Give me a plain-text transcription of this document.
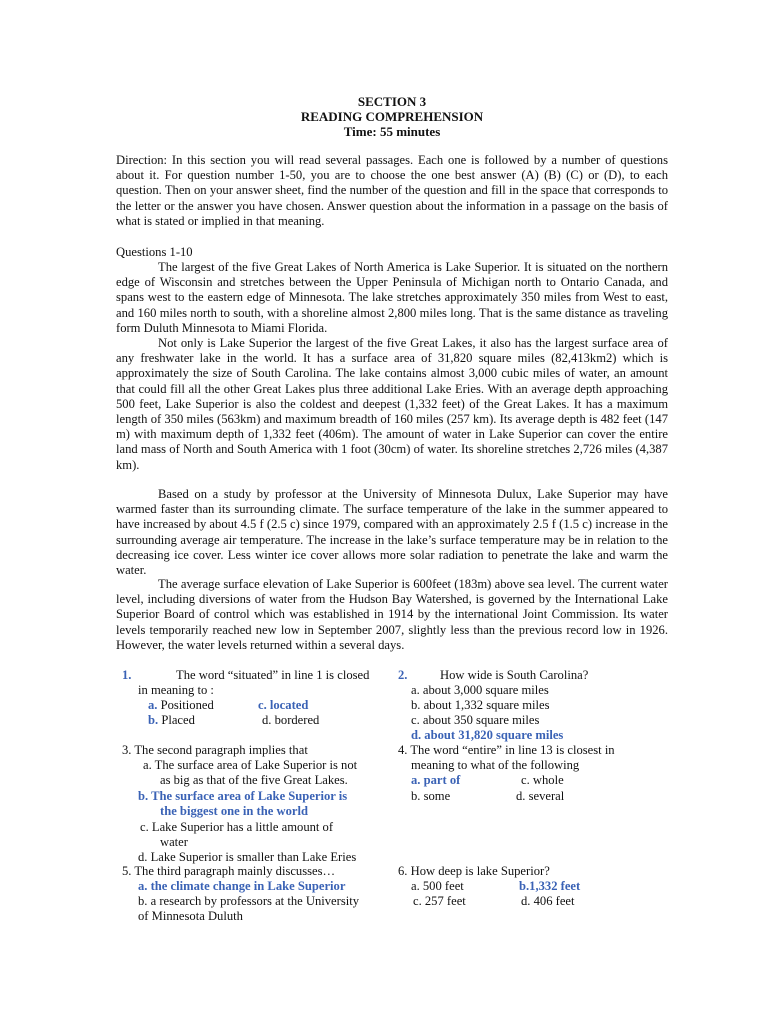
SECTION 3
READING COMPREHENSION
Time: 55 minutes
Direction: In this section you will read several passages. Each one is followed by a number of questions about it. For question number 1-50, you are to choose the one best answer (A) (B) (C) or (D), to each question. Then on your answer sheet, find the number of the question and fill in the space that corresponds to the letter or the answer you have chosen. Answer question about the information in a passage on the basis of what is stated or implied in that meaning.
Questions 1-10
The largest of the five Great Lakes of North America is Lake Superior. It is situated on the northern edge of Wisconsin and stretches between the Upper Peninsula of Michigan north to Ontario Canada, and spans west to the eastern edge of Minnesota. The lake stretches approximately 350 miles from West to east, and 160 miles north to south, with a shoreline almost 2,800 miles long. That is the same distance as traveling form Duluth Minnesota to Miami Florida.
Not only is Lake Superior the largest of the five Great Lakes, it also has the largest surface area of any freshwater lake in the world. It has a surface area of 31,820 square miles (82,413km2) which is approximately the size of South Carolina. The lake contains almost 3,000 cubic miles of water, an amount that could fill all the other Great Lakes plus three additional Lake Eries. With an average depth approaching 500 feet, Lake Superior is also the coldest and deepest (1,332 feet) of the Great Lakes. It has a maximum length of 350 miles (563km) and maximum breadth of 160 miles (257 km). Its average depth is 482 feet (147 m) with maximum depth of 1,332 feet (406m). The amount of water in Lake Superior can cover the entire land mass of North and South America with 1 foot (30cm) of water. Its shoreline stretches 2,726 miles (4,387 km).
Based on a study by professor at the University of Minnesota Dulux, Lake Superior may have warmed faster than its surrounding climate. The surface temperature of the lake in the summer appeared to have increased by about 4.5 f (2.5 c) since 1979, compared with an approximately 2.5 f (1.5 c) increase in the surrounding average air temperature. The increase in the lake’s surface temperature may be in relation to the decreasing ice cover. Less winter ice cover allows more solar radiation to penetrate the lake and warm the water.
The average surface elevation of Lake Superior is 600feet (183m) above sea level. The current water level, including diversions of water from the Hudson Bay Watershed, is governed by the International Lake Superior Board of control which was established in 1914 by the international Joint Commission. Its water levels temporarily reached new low in September 2007, slightly less than the previous record low in 1926. However, the water levels returned within a several days.
1.	The word “situated” in line 1 is closed
in meaning to :
a. Positioned	c. located
b. Placed	d. bordered
2.	How wide is South Carolina?
a. about 3,000 square miles
b. about 1,332 square miles
c. about 350 square miles
d. about 31,820 square miles
3. The second paragraph implies that
a. The surface area of Lake Superior is not
as big as that of the five Great Lakes.
b. The surface area of Lake Superior is
the biggest one in the world
c. Lake Superior has a little amount of
water
d. Lake Superior is smaller than Lake Eries
4. The word “entire” in line 13 is closest in
meaning to what of the following
a. part of	c. whole
b. some	d. several
5. The third paragraph mainly discusses…
a. the climate change in Lake Superior
b. a research by professors at the University
of Minnesota Duluth
6. How deep is lake Superior?
a. 500 feet	b.1,332 feet
c. 257 feet	d. 406 feet
